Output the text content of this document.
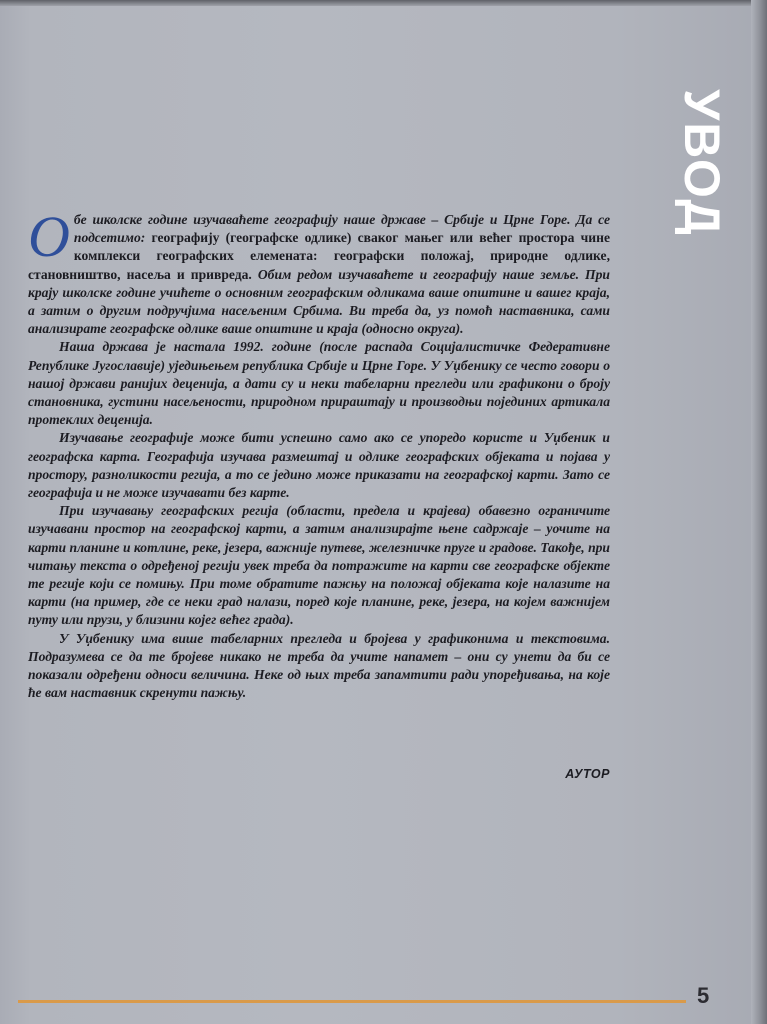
УВОД

Обе школске године изучаваћете географију наше државе – Србије и Црне Горе. Да се подсетимо: географију (географске одлике) сваког мањег или већег простора чине комплекси географских елемената: географски положај, природне одлике, становништво, насеља и привреда. Обим редом изучаваћете и географију наше земље. При крају школске године учићете о основним географским одликама ваше општине и вашег краја, а затим о другим подручјима насељеним Србима. Ви треба да, уз помоћ наставника, сами анализирате географске одлике ваше општине и краја (односно округа).

Наша држава је настала 1992. године (после распада Социјалистичке Федеративне Републике Југославије) уједињењем република Србије и Црне Горе. У Уџбенику се често говори о нашој држави ранијих деценија, а дати су и неки табеларни прегледи или графикони о броју становника, густини насељености, природном прираштају и производњи појединих артикала протеклих деценија.

Изучавање географије може бити успешно само ако се упоредо користе и Уџбеник и географска карта. Географија изучава размештај и одлике географских објеката и појава у простору, разноликости регија, а то се једино може приказати на географској карти. Зато се географија и не може изучавати без карте.

При изучавању географских регија (области, предела и крајева) обавезно ограничите изучавани простор на географској карти, а затим анализирајте њене садржаје – уочите на карти планине и котлине, реке, језера, важније путеве, железничке пруге и градове. Такође, при читању текста о одређеној регији увек треба да потражите на карти све географске објекте те регије који се помињу. При томе обратите пажњу на положај објеката које налазите на карти (на пример, где се неки град налази, поред које планине, реке, језера, на којем важнијем путу или прузи, у близини којег већег града).

У Уџбенику има више табеларних прегледа и бројева у графиконима и текстовима. Подразумева се да те бројеве никако не треба да учите напамет – они су унети да би се показали одређени односи величина. Неке од њих треба запамтити ради упоређивања, на које ће вам наставник скренути пажњу.

АУТОР
5
